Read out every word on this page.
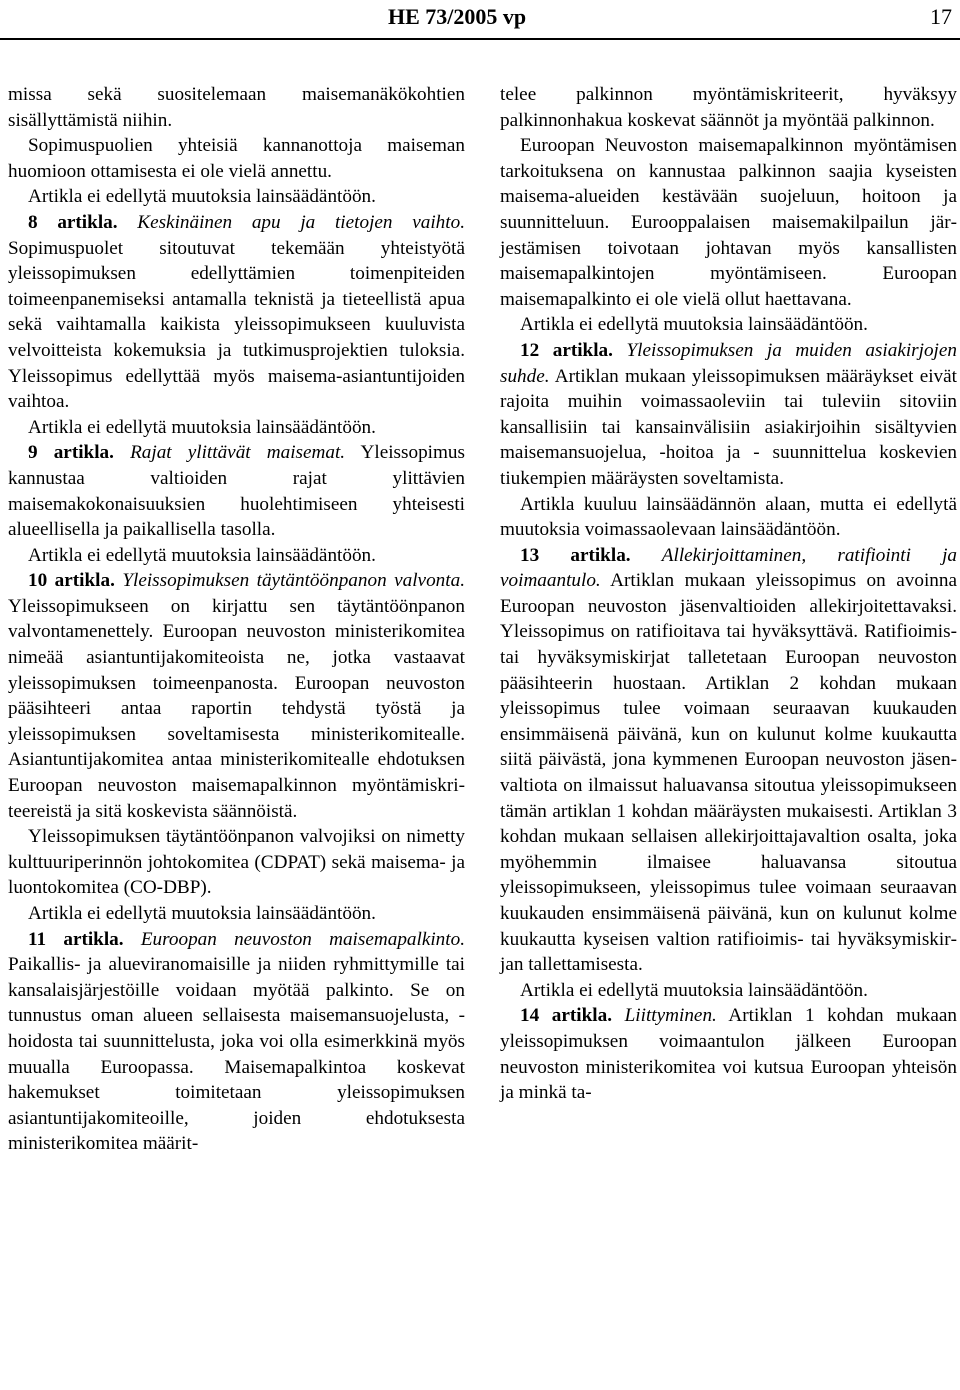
HE 73/2005 vp	17

missa sekä suositelemaan maisemanäkökohtien sisällyttämistä niihin.

Sopimuspuolien yhteisiä kannanottoja maiseman huomioon ottamisesta ei ole vielä annettu.

Artikla ei edellytä muutoksia lainsäädäntöön.

8 artikla. Keskinäinen apu ja tietojen vaihto. Sopimuspuolet sitoutuvat tekemään yhteistyötä yleissopimuksen edellyttämien toimenpiteiden toimeenpanemiseksi antamalla teknistä ja tieteellistä apua sekä vaihtamalla kaikista yleissopimukseen kuuluvista velvoitteista kokemuksia ja tutkimusprojektien tuloksia. Yleissopimus edellyttää myös maisema-asiantuntijoiden vaihtoa.

Artikla ei edellytä muutoksia lainsäädäntöön.

9 artikla. Rajat ylittävät maisemat. Yleissopimus kannustaa valtioiden rajat ylittävien maisemakokonaisuuksien huolehtimiseen yhteisesti alueellisella ja paikallisella tasolla.

Artikla ei edellytä muutoksia lainsäädäntöön.

10 artikla. Yleissopimuksen täytäntöönpanon valvonta. Yleissopimukseen on kirjattu sen täytäntöönpanon valvontamenettely. Euroopan neuvoston ministerikomitea nimeää asiantuntijakomiteoista ne, jotka vastaavat yleissopimuksen toimeenpanosta. Euroopan neuvoston pääsihteeri antaa raportin tehdystä työstä ja yleissopimuksen soveltamisesta ministerikomitealle. Asiantuntijakomitea antaa ministerikomitealle ehdotuksen Euroopan neuvoston maisemapalkinnon myöntämiskriteereistä ja sitä koskevista säännöistä.

Yleissopimuksen täytäntöönpanon valvojiksi on nimetty kulttuuriperinnön johtokomitea (CDPAT) sekä maisema- ja luontokomitea (CO-DBP).

Artikla ei edellytä muutoksia lainsäädäntöön.

11 artikla. Euroopan neuvoston maisemapalkinto. Paikallis- ja alueviranomaisille ja niiden ryhmittymille tai kansalaisjärjestöille voidaan myötää palkinto. Se on tunnustus oman alueen sellaisesta maisemansuojelusta, -hoidosta tai suunnittelusta, joka voi olla esimerkkinä myös muualla Euroopassa. Maisemapalkintoa koskevat hakemukset toimitetaan yleissopimuksen asiantuntijakomiteoille, joiden ehdotuksesta ministerikomitea määrit-

telee palkinnon myöntämiskriteerit, hyväksyy palkinnonhakua koskevat säännöt ja myöntää palkinnon.

Euroopan Neuvoston maisemapalkinnon myöntämisen tarkoituksena on kannustaa palkinnon saajia kyseisten maisema-alueiden kestävään suojeluun, hoitoon ja suunnitteluun. Eurooppalaisen maisemakilpailun järjestämisen toivotaan johtavan myös kansallisten maisemapalkintojen myöntämiseen. Euroopan maisemapalkinto ei ole vielä ollut haettavana.

Artikla ei edellytä muutoksia lainsäädäntöön.

12 artikla. Yleissopimuksen ja muiden asiakirjojen suhde. Artiklan mukaan yleissopimuksen määräykset eivät rajoita muihin voimassaoleviin tai tuleviin sitoviin kansallisiin tai kansainvälisiin asiakirjoihin sisältyvien maisemansuojelua, -hoitoa ja - suunnittelua koskevien tiukempien määräysten soveltamista.

Artikla kuuluu lainsäädännön alaan, mutta ei edellytä muutoksia voimassaolevaan lainsäädäntöön.

13 artikla. Allekirjoittaminen, ratifiointi ja voimaantulo. Artiklan mukaan yleissopimus on avoinna Euroopan neuvoston jäsenvaltioiden allekirjoitettavaksi. Yleissopimus on ratifioitava tai hyväksyttävä. Ratifioimis- tai hyväksymiskirjat talletetaan Euroopan neuvoston pääsihteerin huostaan. Artiklan 2 kohdan mukaan yleissopimus tulee voimaan seuraavan kuukauden ensimmäisenä päivänä, kun on kulunut kolme kuukautta siitä päivästä, jona kymmenen Euroopan neuvoston jäsenvaltiota on ilmaissut haluavansa sitoutua yleissopimukseen tämän artiklan 1 kohdan määräysten mukaisesti. Artiklan 3 kohdan mukaan sellaisen allekirjoittajavaltion osalta, joka myöhemmin ilmaisee haluavansa sitoutua yleissopimukseen, yleissopimus tulee voimaan seuraavan kuukauden ensimmäisenä päivänä, kun on kulunut kolme kuukautta kyseisen valtion ratifioimis- tai hyväksymiskirjan tallettamisesta.

Artikla ei edellytä muutoksia lainsäädäntöön.

14 artikla. Liittyminen. Artiklan 1 kohdan mukaan yleissopimuksen voimaantulon jälkeen Euroopan neuvoston ministerikomitea voi kutsua Euroopan yhteisön ja minkä ta-
